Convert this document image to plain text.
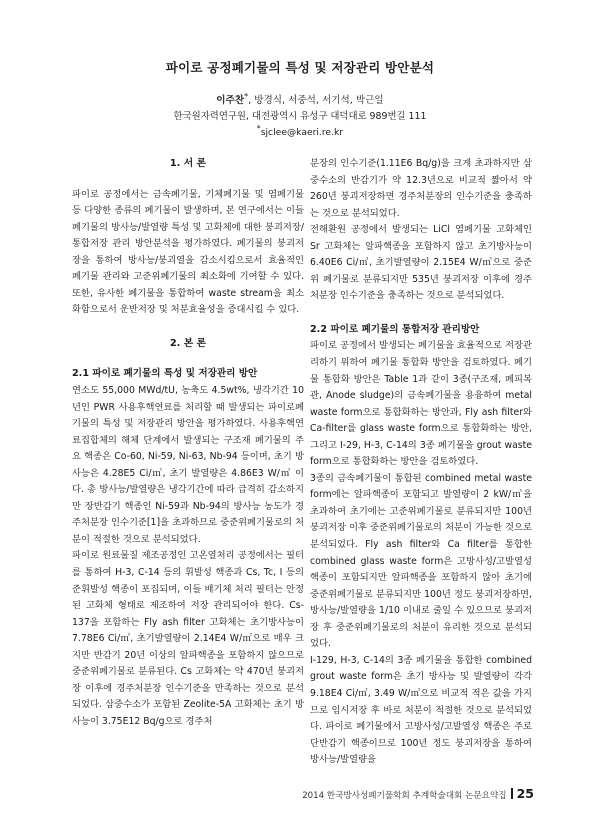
파이로 공정폐기물의 특성 및 저장관리 방안분석
이주찬*, 방경식, 서중석, 서기석, 박근일
한국원자력연구원, 대전광역시 유성구 대덕대로 989번길 111
*sjclee@kaeri.re.kr
1. 서 론

파이로 공정에서는 금속폐기물, 기체폐기물 및 염폐기물 등 다양한 종류의 폐기물이 발생하며, 본 연구에서는 이들 폐기물의 방사능/발열량 특성 및 고화체에 대한 붕괴저장/통합저장 관리 방안분석을 평가하였다. 폐기물의 붕괴저장을 통하여 방사능/붕괴열을 감소시킴으로서 효율적인 폐기물 관리와 고준위폐기물의 최소화에 기여할 수 있다. 또한, 유사한 폐기물을 통합하여 waste stream을 최소화함으로서 운반저장 및 처분효율성을 증대시킬 수 있다.

2. 본 론

2.1 파이로 폐기물의 특성 및 저장관리 방안

연소도 55,000 MWd/tU, 농축도 4.5wt%, 냉각기간 10년인 PWR 사용후핵연료를 처리할 때 발생되는 파이로폐기물의 특성 및 저장관리 방안을 평가하였다. 사용후핵연료집합체의 해체 단계에서 발생되는 구조재 폐기물의 주요 핵종은 Co-60, Ni-59, Ni-63, Nb-94 등이며, 초기 방사능은 4.28E5 Ci/㎥, 초기 발열량은 4.86E3 W/㎥ 이다. 총 방사능/발열량은 냉각기간에 따라 급격히 감소하지만 장반감기 핵종인 Ni-59과 Nb-94의 방사능 농도가 경주처분장 인수기준[1]을 초과하므로 중준위폐기물로의 처분이 적절한 것으로 분석되었다.

파이로 원료물질 제조공정인 고온열처리 공정에서는 필터를 통하여 H-3, C-14 등의 휘발성 핵종과 Cs, Tc, I 등의 준휘발성 핵종이 포집되며, 이들 배기체 처리 필터는 안정된 고화체 형태로 제조하여 저장 관리되어야 한다. Cs-137을 포함하는 Fly ash filter 고화체는 초기방사능이 7.78E6 Ci/㎥, 초기발열량이 2.14E4 W/㎥으로 매우 크지만 반감기 20년 이상의 알파핵종을 포함하지 않으므로 중준위폐기물로 분류된다. Cs 고화체는 약 470년 붕괴저장 이후에 경주처분장 인수기준을 만족하는 것으로 분석되었다. 삼중수소가 포함된 Zeolite-5A 고화체는 초기 방사능이 3.75E12 Bq/g으로 경주처

분장의 인수기준(1.11E6 Bq/g)을 크게 초과하지만 삼중수소의 반감기가 약 12.3년으로 비교적 짧아서 약 260년 붕괴저장하면 경주처분장의 인수기준을 충족하는 것으로 분석되었다.

전해환원 공정에서 발생되는 LiCl 염폐기물 고화체인 Sr 고화체는 알파핵종을 포함하지 않고 초기방사능이 6.40E6 Ci/㎥, 초기발열량이 2.15E4 W/㎥으로 중준위 폐기물로 분류되지만 535년 붕괴저장 이후에 경주처분장 인수기준을 충족하는 것으로 분석되었다.

2.2 파이로 폐기물의 통합저장 관리방안

파이로 공정에서 발생되는 폐기물을 효율적으로 저장관리하기 위하여 폐기물 통합화 방안을 검토하였다. 폐기물 통합화 방안은 Table 1과 같이 3종(구조재, 폐피복관, Anode sludge)의 금속폐기물을 용융하여 metal waste form으로 통합화하는 방안과, Fly ash filter와 Ca-filter를 glass waste form으로 통합화하는 방안, 그리고 I-29, H-3, C-14의 3종 폐기물을 grout waste form으로 통합화하는 방안을 검토하였다.

3종의 금속폐기물이 통합된 combined metal waste form에는 알파핵종이 포함되고 발열량이 2 kW/㎥을 초과하여 초기에는 고준위폐기물로 분류되지만 100년 붕괴저장 이후 중준위폐기물로의 처분이 가능한 것으로 분석되었다. Fly ash filter와 Ca filter를 통합한 combined glass waste form은 고방사성/고발열성 핵종이 포함되지만 알파핵종을 포함하지 않아 초기에 중준위폐기물로 분류되지만 100년 정도 붕괴저장하면, 방사능/발열량을 1/10 이내로 줄일 수 있으므로 붕괴저장 후 중준위폐기물로의 처분이 유리한 것으로 분석되었다.

I-129, H-3, C-14의 3종 폐기물을 통합한 combined grout waste form은 초기 방사능 및 발열량이 각각 9.18E4 Ci/㎥, 3.49 W/㎥으로 비교적 적은 값을 가지므로 임시저장 후 바로 처분이 적절한 것으로 분석되었다. 파이로 폐기물에서 고방사성/고발열성 핵종은 주로 단반감기 핵종이므로 100년 정도 붕괴저장을 통하여 방사능/발열량을

2014 한국방사성폐기물학회 추계학술대회 논문요약집 25
